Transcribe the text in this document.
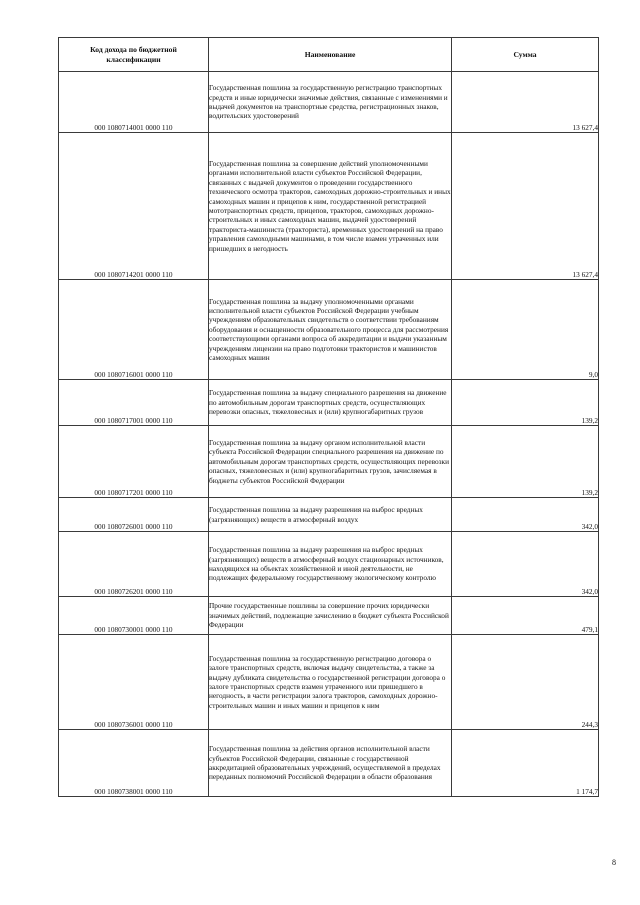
Код дохода по бюджетной классификации	Наименование	Сумма
000 1080714001 0000 110	Государственная пошлина за государственную регистрацию транспортных средств и иные юридически значимые действия, связанные с изменениями и выдачей документов на транспортные средства, регистрационных знаков, водительских удостоверений	13 627,4
000 1080714201 0000 110	Государственная пошлина за совершение действий уполномоченными органами исполнительной власти субъектов Российской Федерации, связанных с выдачей документов о проведении государственного технического осмотра тракторов, самоходных дорожно-строительных и иных самоходных машин и прицепов к ним, государственной регистрацией мототранспортных средств, прицепов, тракторов, самоходных дорожно-строительных и иных самоходных машин, выдачей удостоверений тракториста-машиниста (тракториста), временных удостоверений на право управления самоходными машинами, в том числе взамен утраченных или пришедших в негодность	13 627,4
000 1080716001 0000 110	Государственная пошлина за выдачу уполномоченными органами исполнительной власти субъектов Российской Федерации учебным учреждениям образовательных свидетельств о соответствии требованиям оборудования и оснащенности образовательного процесса для рассмотрения соответствующими органами вопроса об аккредитации и выдачи указанным учреждениям лицензии на право подготовки трактористов и машинистов самоходных машин	9,0
000 1080717001 0000 110	Государственная пошлина за выдачу специального разрешения на движение по автомобильным дорогам транспортных средств, осуществляющих перевозки опасных, тяжеловесных и (или) крупногабаритных грузов	139,2
000 1080717201 0000 110	Государственная пошлина за выдачу органом исполнительной власти субъекта Российской Федерации специального разрешения на движение по автомобильным дорогам транспортных средств, осуществляющих перевозки опасных, тяжеловесных и (или) крупногабаритных грузов, зачисляемая в бюджеты субъектов Российской Федерации	139,2
000 1080726001 0000 110	Государственная пошлина за выдачу разрешения на выброс вредных (загрязняющих) веществ в атмосферный воздух	342,0
000 1080726201 0000 110	Государственная пошлина за выдачу разрешения на выброс вредных (загрязняющих) веществ в атмосферный воздух стационарных источников, находящихся на объектах хозяйственной и иной деятельности, не подлежащих федеральному государственному экологическому контролю	342,0
000 1080730001 0000 110	Прочие государственные пошлины за совершение прочих юридически значимых действий, подлежащие зачислению в бюджет субъекта Российской Федерации	479,1
000 1080736001 0000 110	Государственная пошлина за государственную регистрацию договора о залоге транспортных средств, включая выдачу свидетельства, а также за выдачу дубликата свидетельства о государственной регистрации договора о залоге транспортных средств взамен утраченного или пришедшего в негодность, в части регистрации залога тракторов, самоходных дорожно-строительных машин и иных машин и прицепов к ним	244,3
000 1080738001 0000 110	Государственная пошлина за действия органов исполнительной власти субъектов Российской Федерации, связанные с государственной аккредитацией образовательных учреждений, осуществляемой в пределах переданных полномочий Российской Федерации в области образования	1 174,7
8
